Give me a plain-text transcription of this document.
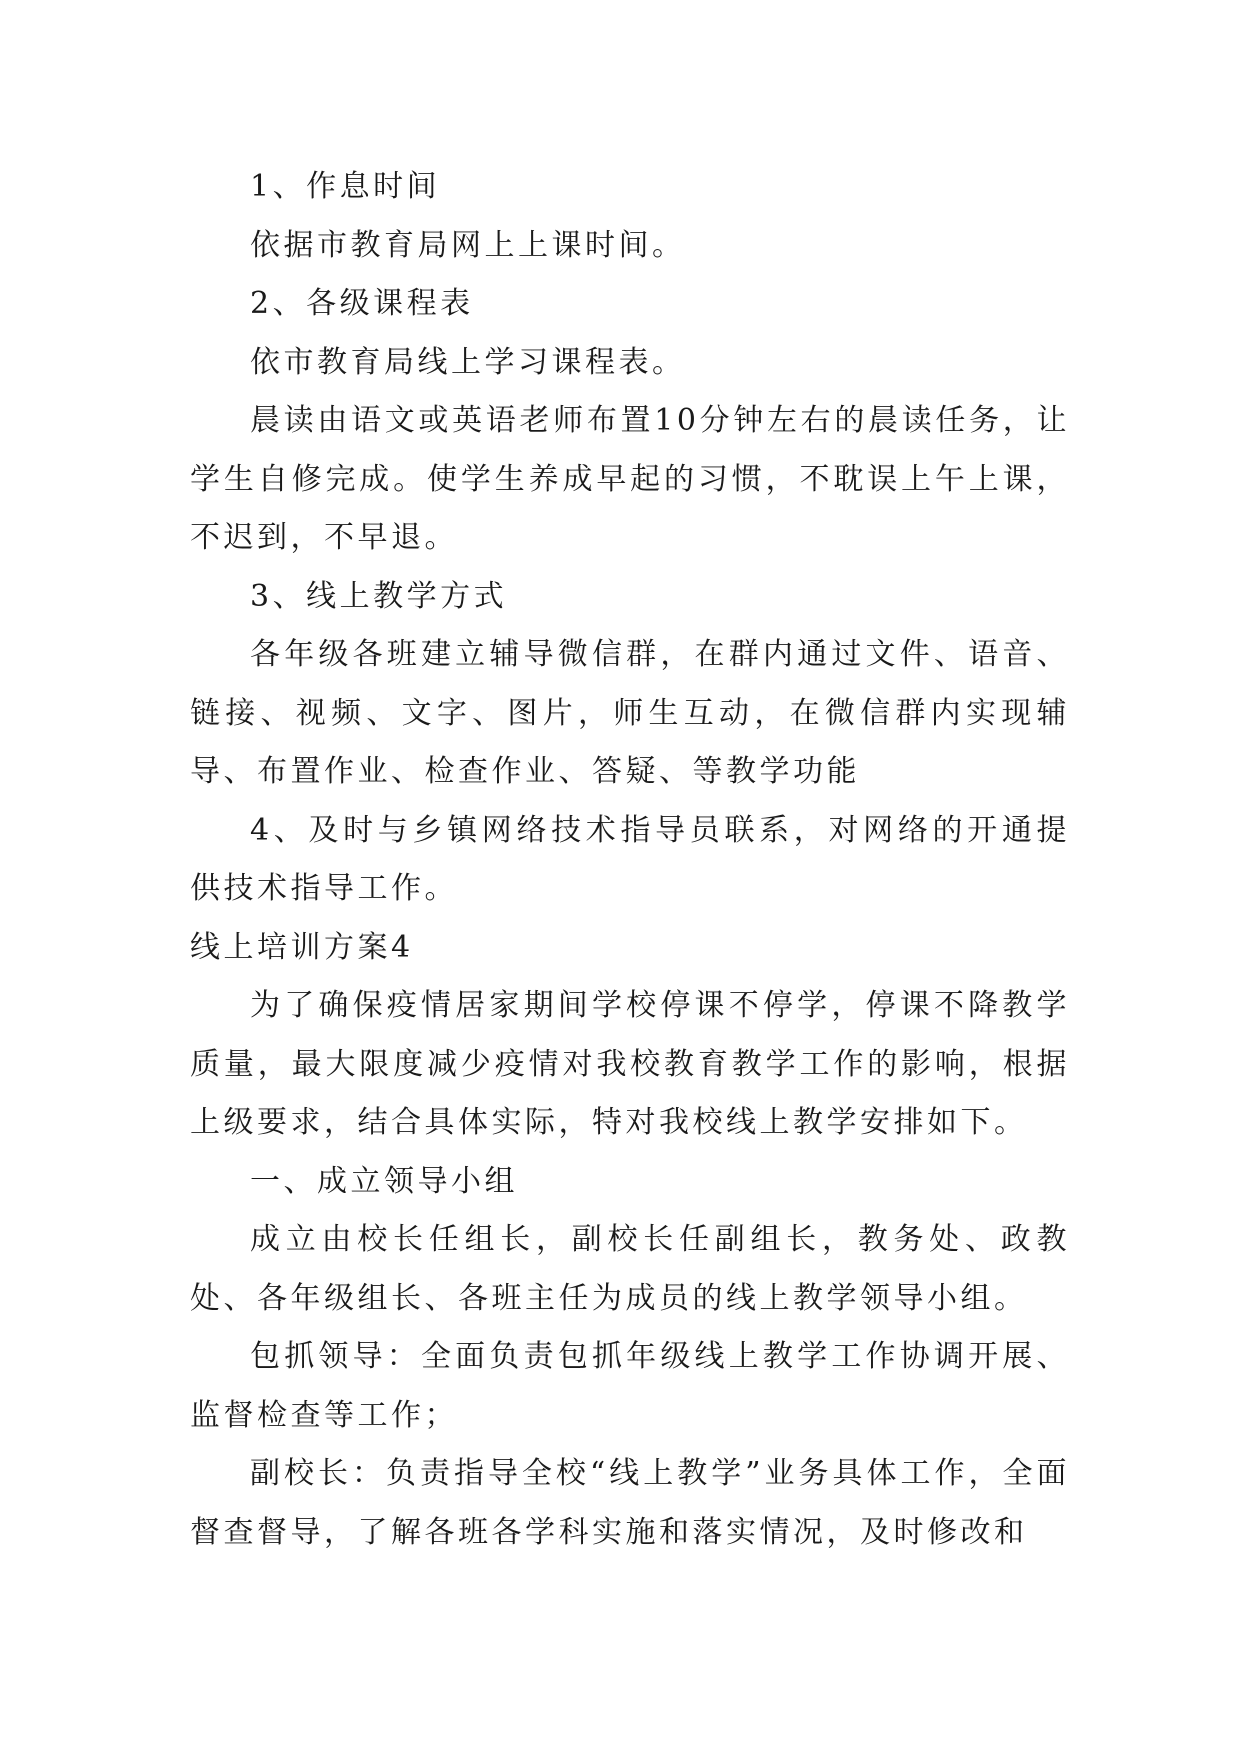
1、作息时间

依据市教育局网上上课时间。

2、各级课程表

依市教育局线上学习课程表。

晨读由语文或英语老师布置10分钟左右的晨读任务，让学生自修完成。使学生养成早起的习惯，不耽误上午上课，不迟到，不早退。

3、线上教学方式

各年级各班建立辅导微信群，在群内通过文件、语音、链接、视频、文字、图片，师生互动，在微信群内实现辅导、布置作业、检查作业、答疑、等教学功能

4、及时与乡镇网络技术指导员联系，对网络的开通提供技术指导工作。

线上培训方案4

为了确保疫情居家期间学校停课不停学，停课不降教学质量，最大限度减少疫情对我校教育教学工作的影响，根据上级要求，结合具体实际，特对我校线上教学安排如下。

一、成立领导小组

成立由校长任组长，副校长任副组长，教务处、政教处、各年级组长、各班主任为成员的线上教学领导小组。

包抓领导：全面负责包抓年级线上教学工作协调开展、监督检查等工作；

副校长：负责指导全校“线上教学”业务具体工作，全面督查督导，了解各班各学科实施和落实情况，及时修改和
